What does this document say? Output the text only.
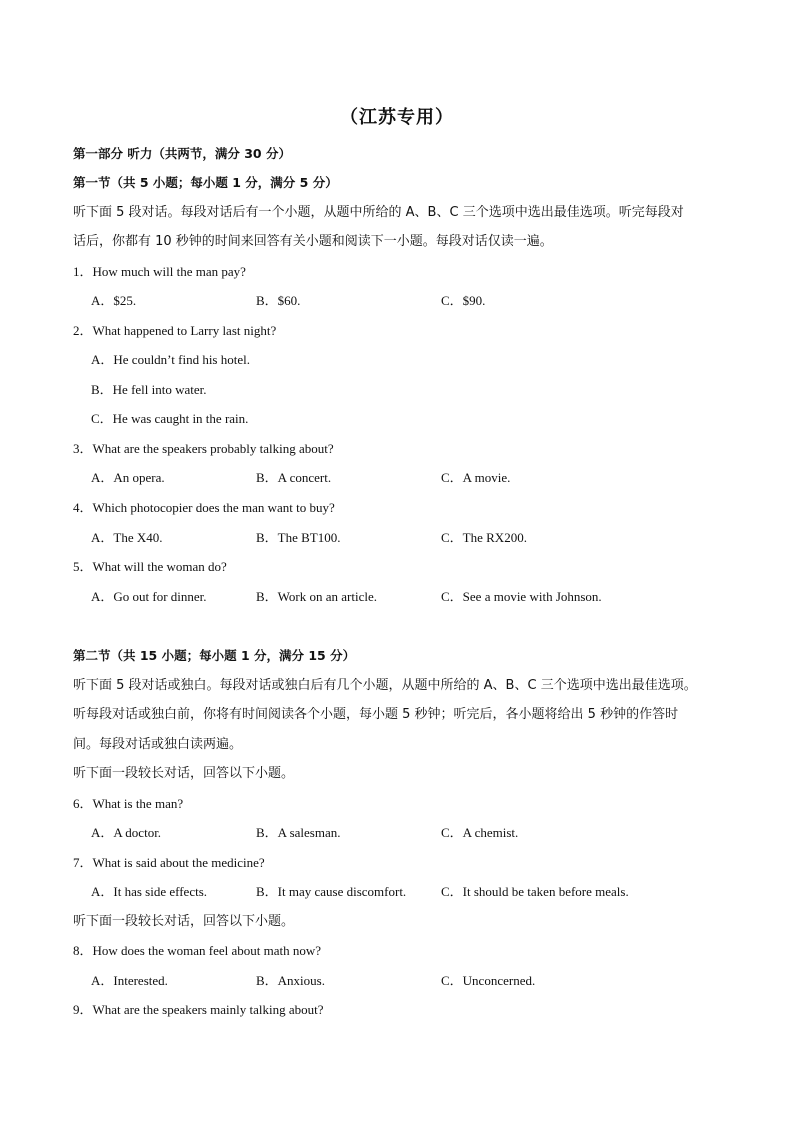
（江苏专用）
第一部分 听力（共两节，满分 30 分）
第一节（共 5 小题；每小题 1 分，满分 5 分）
听下面 5 段对话。每段对话后有一个小题，从题中所给的 A、B、C 三个选项中选出最佳选项。听完每段对
话后，你都有 10 秒钟的时间来回答有关小题和阅读下一小题。每段对话仅读一遍。
1．How much will the man pay?
A．$25.	B．$60.	C．$90.
2．What happened to Larry last night?
A．He couldn’t find his hotel.
B．He fell into water.
C．He was caught in the rain.
3．What are the speakers probably talking about?
A．An opera.	B．A concert.	C．A movie.
4．Which photocopier does the man want to buy?
A．The X40.	B．The BT100.	C．The RX200.
5．What will the woman do?
A．Go out for dinner.	B．Work on an article.	C．See a movie with Johnson.
第二节（共 15 小题；每小题 1 分，满分 15 分）
听下面 5 段对话或独白。每段对话或独白后有几个小题，从题中所给的 A、B、C 三个选项中选出最佳选项。
听每段对话或独白前，你将有时间阅读各个小题，每小题 5 秒钟；听完后，各小题将给出 5 秒钟的作答时
间。每段对话或独白读两遍。
听下面一段较长对话，回答以下小题。
6．What is the man?
A．A doctor.	B．A salesman.	C．A chemist.
7．What is said about the medicine?
A．It has side effects.	B．It may cause discomfort.	C．It should be taken before meals.
听下面一段较长对话，回答以下小题。
8．How does the woman feel about math now?
A．Interested.	B．Anxious.	C．Unconcerned.
9．What are the speakers mainly talking about?
